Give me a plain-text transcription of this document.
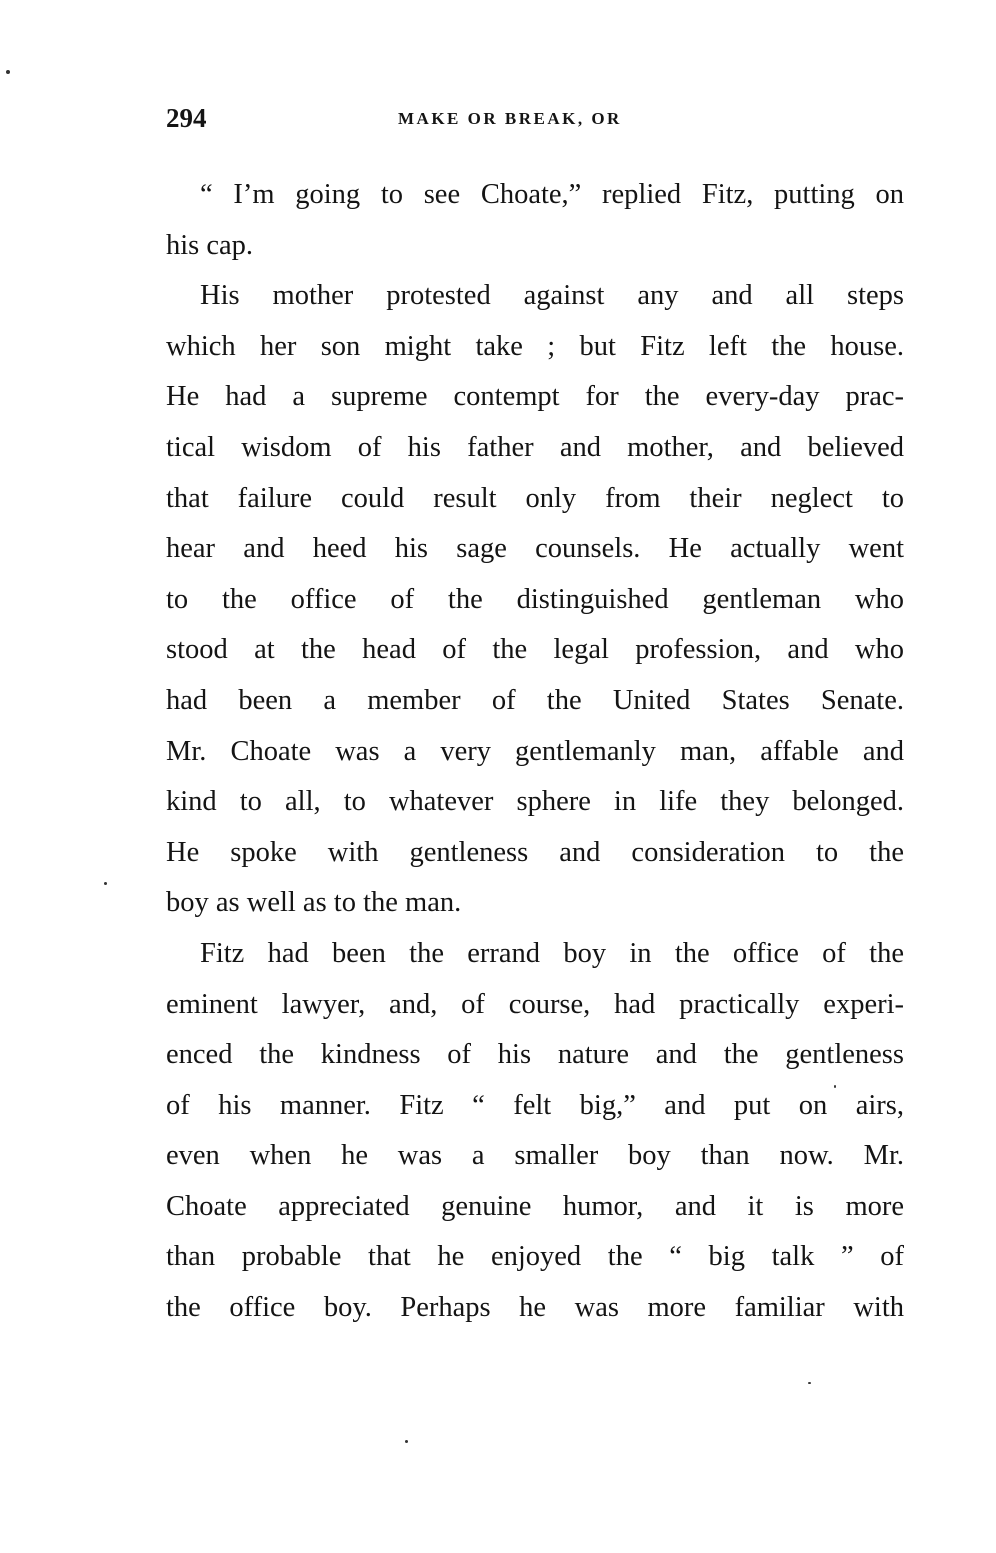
294	MAKE OR BREAK, OR
“ I’m going to see Choate,” replied Fitz, putting on
his cap.
His mother protested against any and all steps
which her son might take ; but Fitz left the house.
He had a supreme contempt for the every-day prac-
tical wisdom of his father and mother, and believed
that failure could result only from their neglect to
hear and heed his sage counsels. He actually went
to the office of the distinguished gentleman who
stood at the head of the legal profession, and who
had been a member of the United States Senate.
Mr. Choate was a very gentlemanly man, affable and
kind to all, to whatever sphere in life they belonged.
He spoke with gentleness and consideration to the
boy as well as to the man.
Fitz had been the errand boy in the office of the
eminent lawyer, and, of course, had practically experi-
enced the kindness of his nature and the gentleness
of his manner. Fitz “ felt big,” and put on airs,
even when he was a smaller boy than now. Mr.
Choate appreciated genuine humor, and it is more
than probable that he enjoyed the “ big talk ” of
the office boy. Perhaps he was more familiar with
